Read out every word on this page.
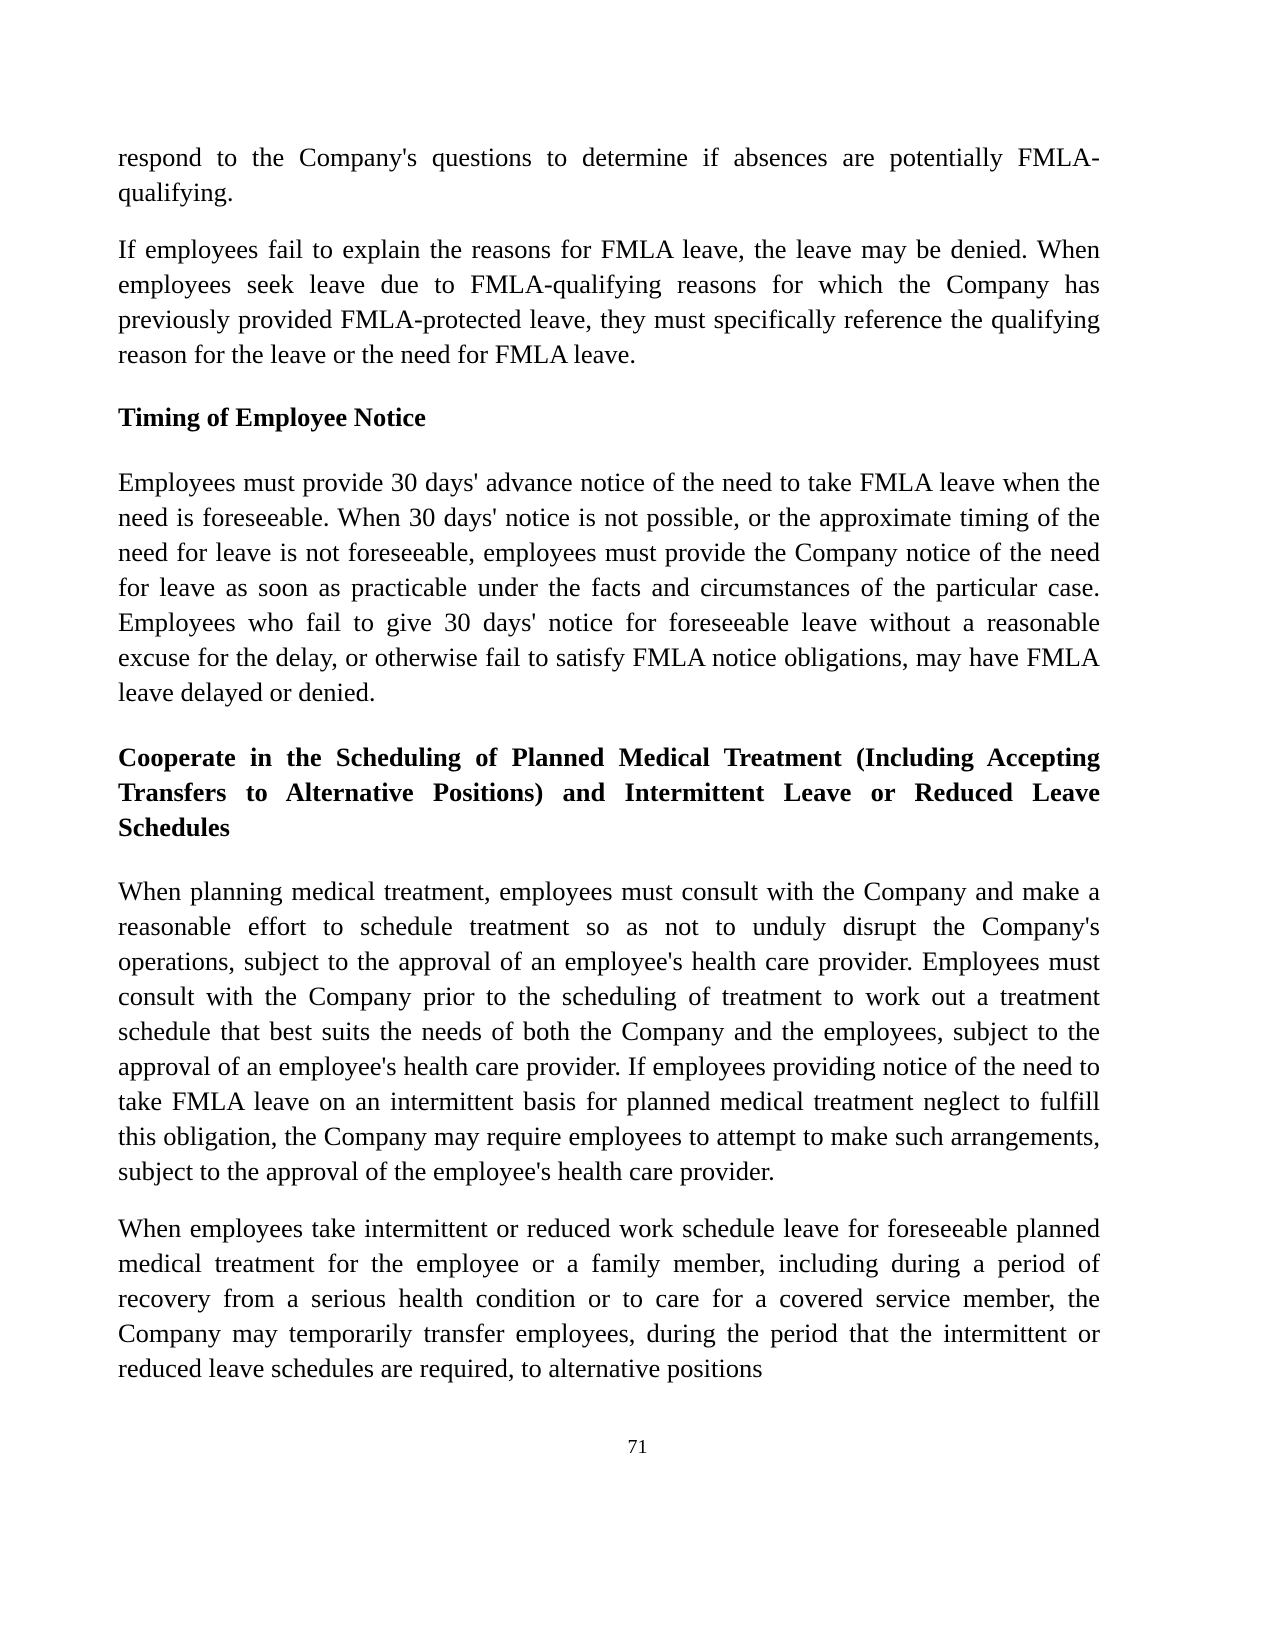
respond to the Company's questions to determine if absences are potentially FMLA-qualifying.

If employees fail to explain the reasons for FMLA leave, the leave may be denied. When employees seek leave due to FMLA-qualifying reasons for which the Company has previously provided FMLA-protected leave, they must specifically reference the qualifying reason for the leave or the need for FMLA leave.

Timing of Employee Notice

Employees must provide 30 days' advance notice of the need to take FMLA leave when the need is foreseeable. When 30 days' notice is not possible, or the approximate timing of the need for leave is not foreseeable, employees must provide the Company notice of the need for leave as soon as practicable under the facts and circumstances of the particular case. Employees who fail to give 30 days' notice for foreseeable leave without a reasonable excuse for the delay, or otherwise fail to satisfy FMLA notice obligations, may have FMLA leave delayed or denied.

Cooperate in the Scheduling of Planned Medical Treatment (Including Accepting Transfers to Alternative Positions) and Intermittent Leave or Reduced Leave Schedules

When planning medical treatment, employees must consult with the Company and make a reasonable effort to schedule treatment so as not to unduly disrupt the Company's operations, subject to the approval of an employee's health care provider. Employees must consult with the Company prior to the scheduling of treatment to work out a treatment schedule that best suits the needs of both the Company and the employees, subject to the approval of an employee's health care provider. If employees providing notice of the need to take FMLA leave on an intermittent basis for planned medical treatment neglect to fulfill this obligation, the Company may require employees to attempt to make such arrangements, subject to the approval of the employee's health care provider.

When employees take intermittent or reduced work schedule leave for foreseeable planned medical treatment for the employee or a family member, including during a period of recovery from a serious health condition or to care for a covered service member, the Company may temporarily transfer employees, during the period that the intermittent or reduced leave schedules are required, to alternative positions

71
